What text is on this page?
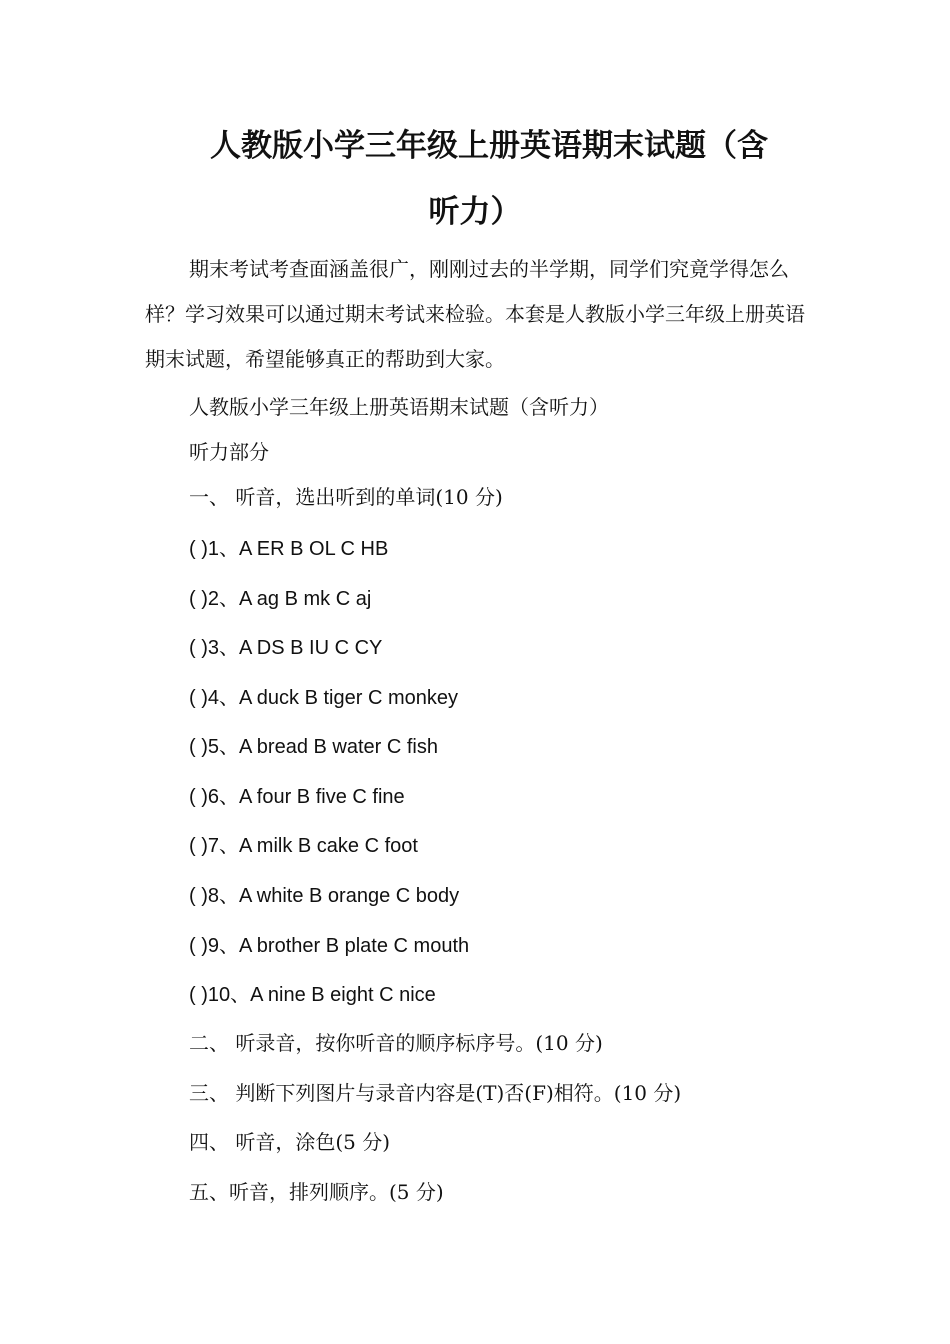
人教版小学三年级上册英语期末试题（含
听力）

期末考试考查面涵盖很广，刚刚过去的半学期，同学们究竟学得怎么样？学习效果可以通过期末考试来检验。本套是人教版小学三年级上册英语期末试题，希望能够真正的帮助到大家。

人教版小学三年级上册英语期末试题（含听力）
听力部分
一、 听音，选出听到的单词(10 分)
( )1、A ER B OL C HB
( )2、A ag B mk C aj
( )3、A DS B IU C CY
( )4、A duck B tiger C monkey
( )5、A bread B water C fish
( )6、A four B five C fine
( )7、A milk B cake C foot
( )8、A white B orange C body
( )9、A brother B plate C mouth
( )10、A nine B eight C nice
二、 听录音，按你听音的顺序标序号。(10 分)
三、 判断下列图片与录音内容是(T)否(F)相符。(10 分)
四、 听音，涂色(5 分)
五、听音，排列顺序。(5 分)
